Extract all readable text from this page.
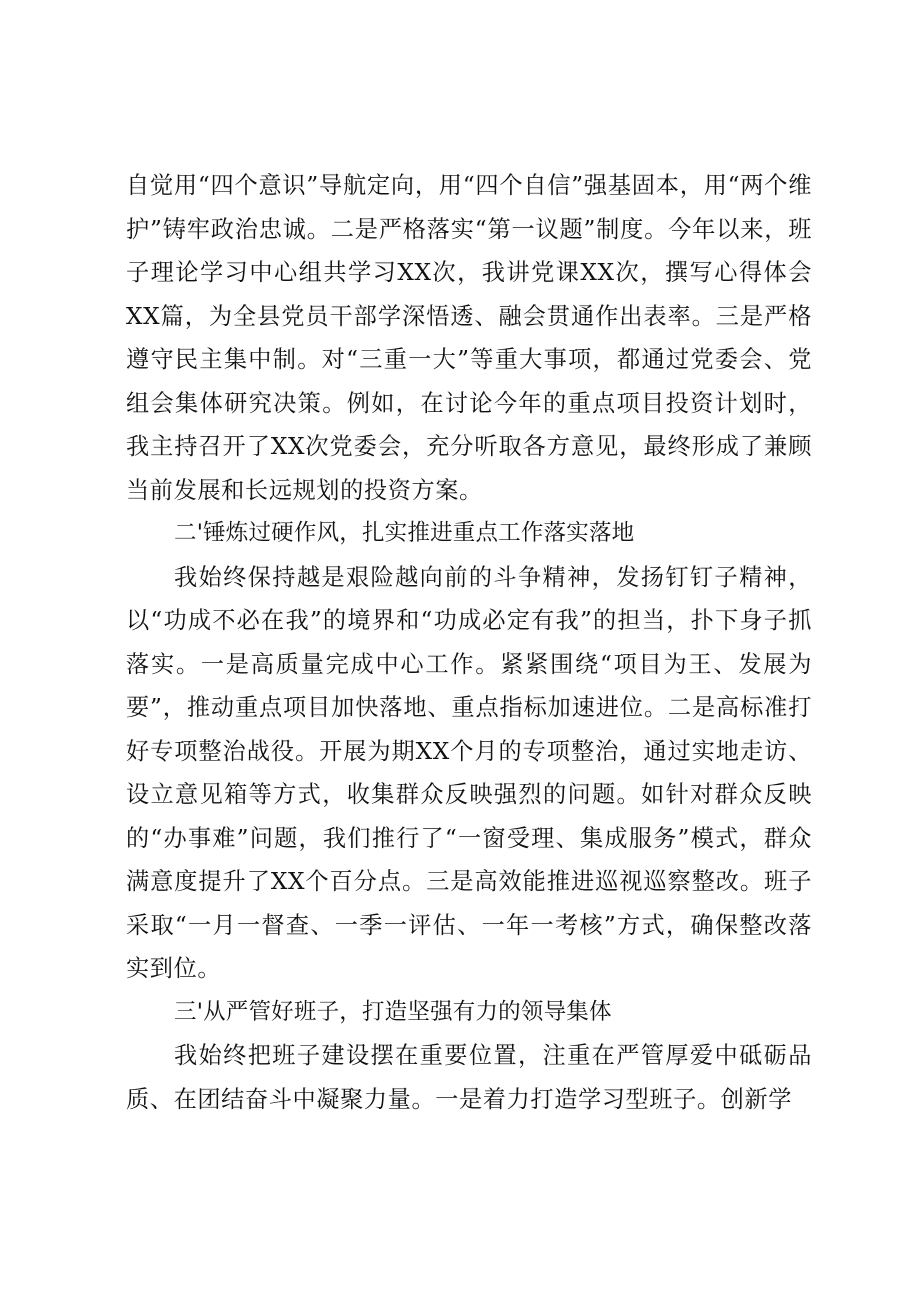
自觉用“四个意识”导航定向，用“四个自信”强基固本，用“两个维护”铸牢政治忠诚。二是严格落实“第一议题”制度。今年以来，班子理论学习中心组共学习XX次，我讲党课XX次，撰写心得体会XX篇，为全县党员干部学深悟透、融会贯通作出表率。三是严格遵守民主集中制。对“三重一大”等重大事项，都通过党委会、党组会集体研究决策。例如，在讨论今年的重点项目投资计划时，我主持召开了XX次党委会，充分听取各方意见，最终形成了兼顾当前发展和长远规划的投资方案。

二'锤炼过硬作风，扎实推进重点工作落实落地

我始终保持越是艰险越向前的斗争精神，发扬钉钉子精神，以“功成不必在我”的境界和“功成必定有我”的担当，扑下身子抓落实。一是高质量完成中心工作。紧紧围绕“项目为王、发展为要”，推动重点项目加快落地、重点指标加速进位。二是高标准打好专项整治战役。开展为期XX个月的专项整治，通过实地走访、设立意见箱等方式，收集群众反映强烈的问题。如针对群众反映的“办事难”问题，我们推行了“一窗受理、集成服务”模式，群众满意度提升了XX个百分点。三是高效能推进巡视巡察整改。班子采取“一月一督查、一季一评估、一年一考核”方式，确保整改落实到位。

三'从严管好班子，打造坚强有力的领导集体

我始终把班子建设摆在重要位置，注重在严管厚爱中砥砺品质、在团结奋斗中凝聚力量。一是着力打造学习型班子。创新学
